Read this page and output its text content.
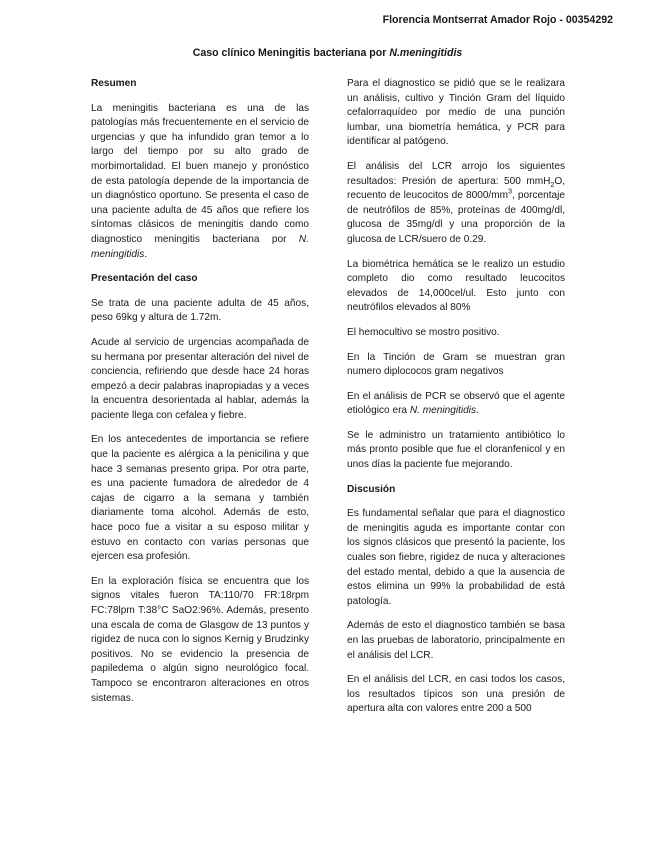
Florencia Montserrat Amador Rojo - 00354292
Caso clínico Meningitis bacteriana por N.meningitidis
Resumen

La meningitis bacteriana es una de las patologías más frecuentemente en el servicio de urgencias y que ha infundido gran temor a lo largo del tiempo por su alto grado de morbimortalidad. El buen manejo y pronóstico de esta patología depende de la importancia de un diagnóstico oportuno. Se presenta el caso de una paciente adulta de 45 años que refiere los síntomas clásicos de meningitis dando como diagnostico meningitis bacteriana por N. meningitidis.

Presentación del caso

Se trata de una paciente adulta de 45 años, peso 69kg y altura de 1.72m.

Acude al servicio de urgencias acompañada de su hermana por presentar alteración del nivel de conciencia, refiriendo que desde hace 24 horas empezó a decir palabras inapropiadas y a veces la encuentra desorientada al hablar, además la paciente llega con cefalea y fiebre.

En los antecedentes de importancia se refiere que la paciente es alérgica a la penicilina y que hace 3 semanas presento gripa. Por otra parte, es una paciente fumadora de alrededor de 4 cajas de cigarro a la semana y también diariamente toma alcohol. Además de esto, hace poco fue a visitar a su esposo militar y estuvo en contacto con varias personas que ejercen esa profesión.

En la exploración física se encuentra que los signos vitales fueron TA:110/70 FR:18rpm FC:78lpm T:38°C SaO2:96%. Además, presento una escala de coma de Glasgow de 13 puntos y rigidez de nuca con lo signos Kernig y Brudzinky positivos. No se evidencio la presencia de papiledema o algún signo neurológico focal. Tampoco se encontraron alteraciones en otros sistemas.

Para el diagnostico se pidió que se le realizara un análisis, cultivo y Tinción Gram del líquido cefalorraquídeo por medio de una punción lumbar, una biometría hemática, y PCR para identificar al patógeno.

El análisis del LCR arrojo los siguientes resultados: Presión de apertura: 500 mmH$_2$O, recuento de leucocitos de $8000/mm^3$, porcentaje de neutrófilos de 85%, proteínas de 400mg/dl, glucosa de 35mg/dl y una proporción de la glucosa de LCR/suero de 0.29.

La biométrica hemática se le realizo un estudio completo dio como resultado leucocitos elevados de 14,000cel/ul. Esto junto con neutrófilos elevados al 80%

El hemocultivo se mostro positivo.

En la Tinción de Gram se muestran gran numero diplococos gram negativos

En el análisis de PCR se observó que el agente etiológico era N. meningitidis.

Se le administro un tratamiento antibiótico lo más pronto posible que fue el cloranfenicol y en unos días la paciente fue mejorando.

Discusión

Es fundamental señalar que para el diagnostico de meningitis aguda es importante contar con los signos clásicos que presentó la paciente, los cuales son fiebre, rigidez de nuca y alteraciones del estado mental, debido a que la ausencia de estos elimina un 99% la probabilidad de está patología.

Además de esto el diagnostico también se basa en las pruebas de laboratorio, principalmente en el análisis del LCR.

En el análisis del LCR, en casi todos los casos, los resultados típicos son una presión de apertura alta con valores entre 200 a 500
